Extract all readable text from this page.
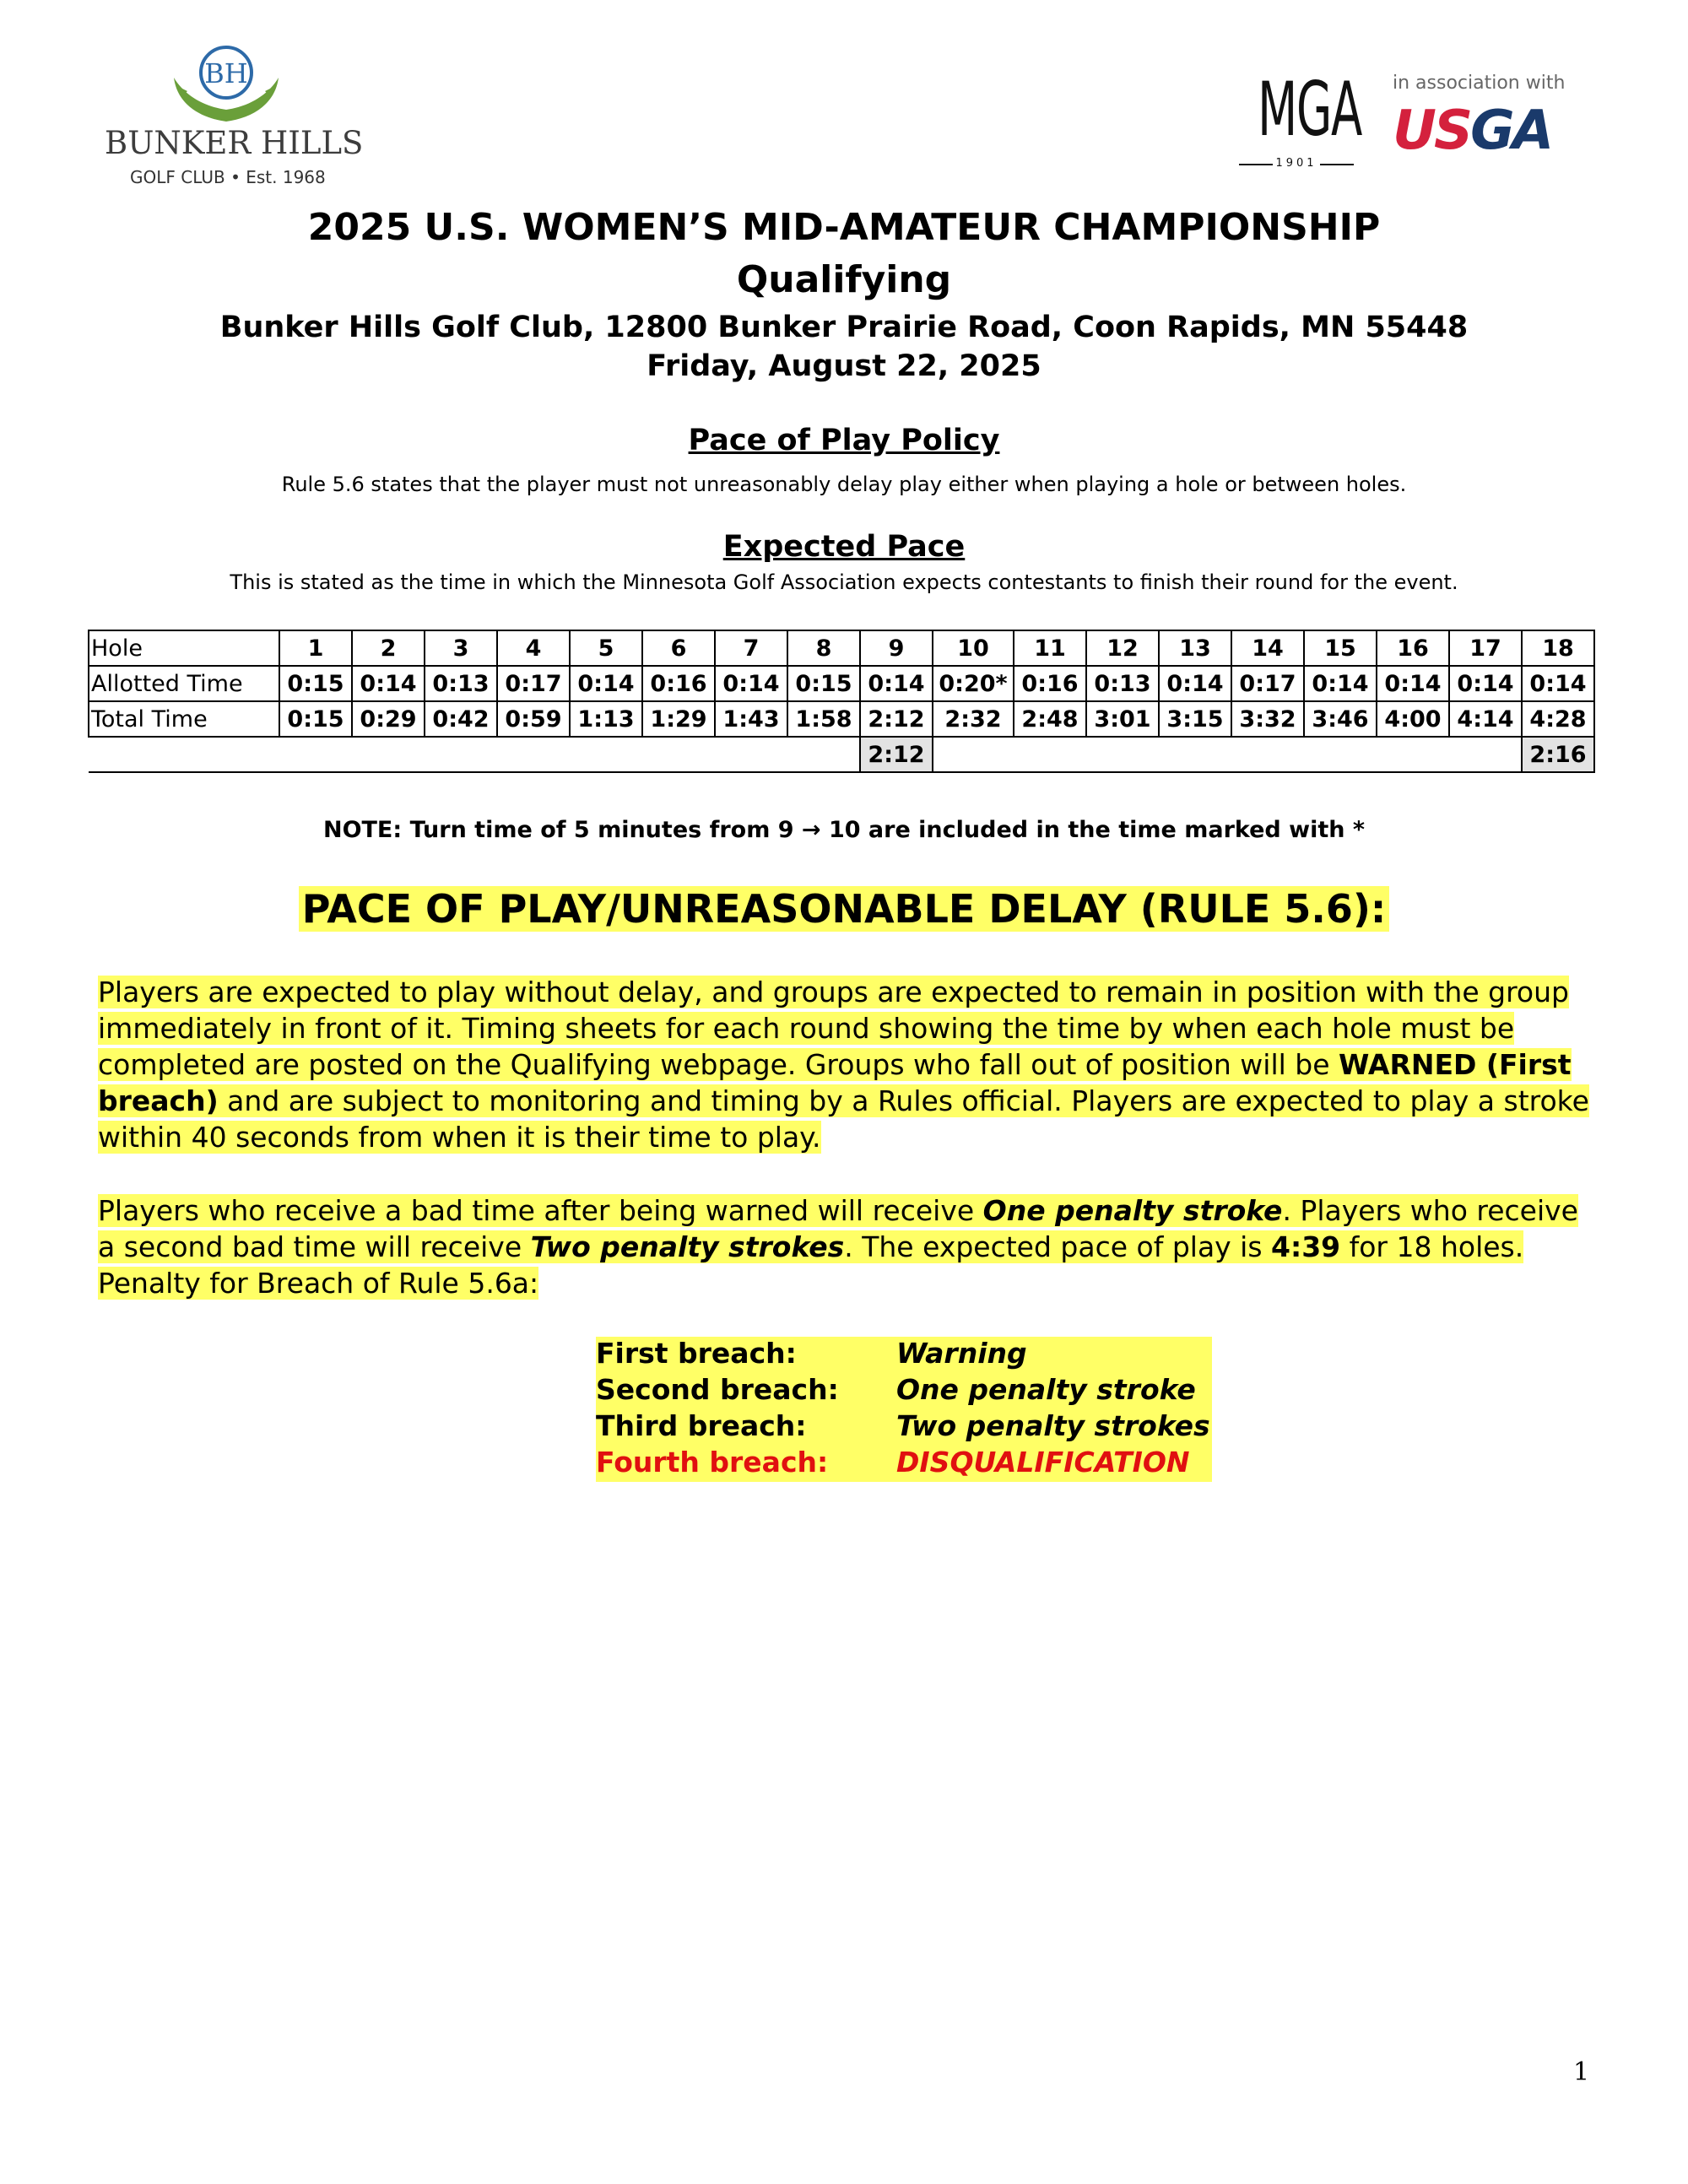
BH
BUNKER HILLS
GOLF CLUB • Est. 1968
MGA
1901
in association with
USGA
2025 U.S. WOMEN’S MID-AMATEUR CHAMPIONSHIP
Qualifying
Bunker Hills Golf Club, 12800 Bunker Prairie Road, Coon Rapids, MN 55448
Friday, August 22, 2025
Pace of Play Policy
Rule 5.6 states that the player must not unreasonably delay play either when playing a hole or between holes.
Expected Pace
This is stated as the time in which the Minnesota Golf Association expects contestants to finish their round for the event.
Hole	1	2	3	4	5	6	7	8	9	10	11	12	13	14	15	16	17	18
Allotted Time	0:15	0:14	0:13	0:17	0:14	0:16	0:14	0:15	0:14	0:20*	0:16	0:13	0:14	0:17	0:14	0:14	0:14	0:14
Total Time	0:15	0:29	0:42	0:59	1:13	1:29	1:43	1:58	2:12	2:32	2:48	3:01	3:15	3:32	3:46	4:00	4:14	4:28
									2:12									2:16
NOTE: Turn time of 5 minutes from 9 → 10 are included in the time marked with *
PACE OF PLAY/UNREASONABLE DELAY (RULE 5.6):
Players are expected to play without delay, and groups are expected to remain in position with the group immediately in front of it. Timing sheets for each round showing the time by when each hole must be completed are posted on the Qualifying webpage. Groups who fall out of position will be WARNED (First breach) and are subject to monitoring and timing by a Rules official. Players are expected to play a stroke within 40 seconds from when it is their time to play.
Players who receive a bad time after being warned will receive One penalty stroke. Players who receive a second bad time will receive Two penalty strokes. The expected pace of play is 4:39 for 18 holes. Penalty for Breach of Rule 5.6a:
First breach:	Warning
Second breach:	One penalty stroke
Third breach:	Two penalty strokes
Fourth breach:	DISQUALIFICATION
1
